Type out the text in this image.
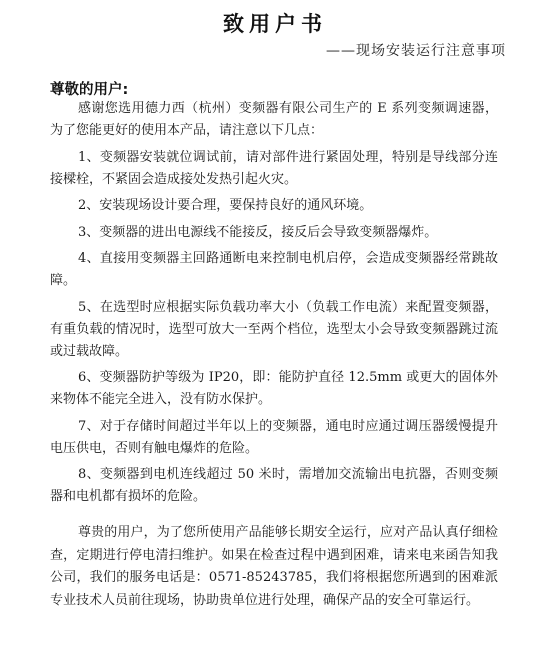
致用户书
——现场安装运行注意事项
尊敬的用户:

感谢您选用德力西（杭州）变频器有限公司生产的 E 系列变频调速器，为了您能更好的使用本产品，请注意以下几点：

1、变频器安装就位调试前，请对部件进行紧固处理，特别是导线部分连接樑栓，不紧固会造成接处发热引起火灾。

2、安装现场设计要合理，要保持良好的通风环境。

3、变频器的进出电源线不能接反，接反后会导致变频器爆炸。

4、直接用变频器主回路通断电来控制电机启停，会造成变频器经常跳故障。

5、在选型时应根据实际负载功率大小（负载工作电流）来配置变频器，有重负载的情况时，选型可放大一至两个档位，选型太小会导致变频器跳过流或过载故障。

6、变频器防护等级为 IP20，即：能防护直径 12.5mm 或更大的固体外来物体不能完全进入，没有防水保护。

7、对于存储时间超过半年以上的变频器，通电时应通过调压器缓慢提升电压供电，否则有触电爆炸的危险。

8、变频器到电机连线超过 50 米时，需增加交流输出电抗器，否则变频器和电机都有损坏的危险。

尊贵的用户，为了您所使用产品能够长期安全运行，应对产品认真仔细检查，定期进行停电清扫维护。如果在检查过程中遇到困难，请来电来函告知我公司，我们的服务电话是：0571-85243785，我们将根据您所遇到的困难派专业技术人员前往现场，协助贵单位进行处理，确保产品的安全可靠运行。
